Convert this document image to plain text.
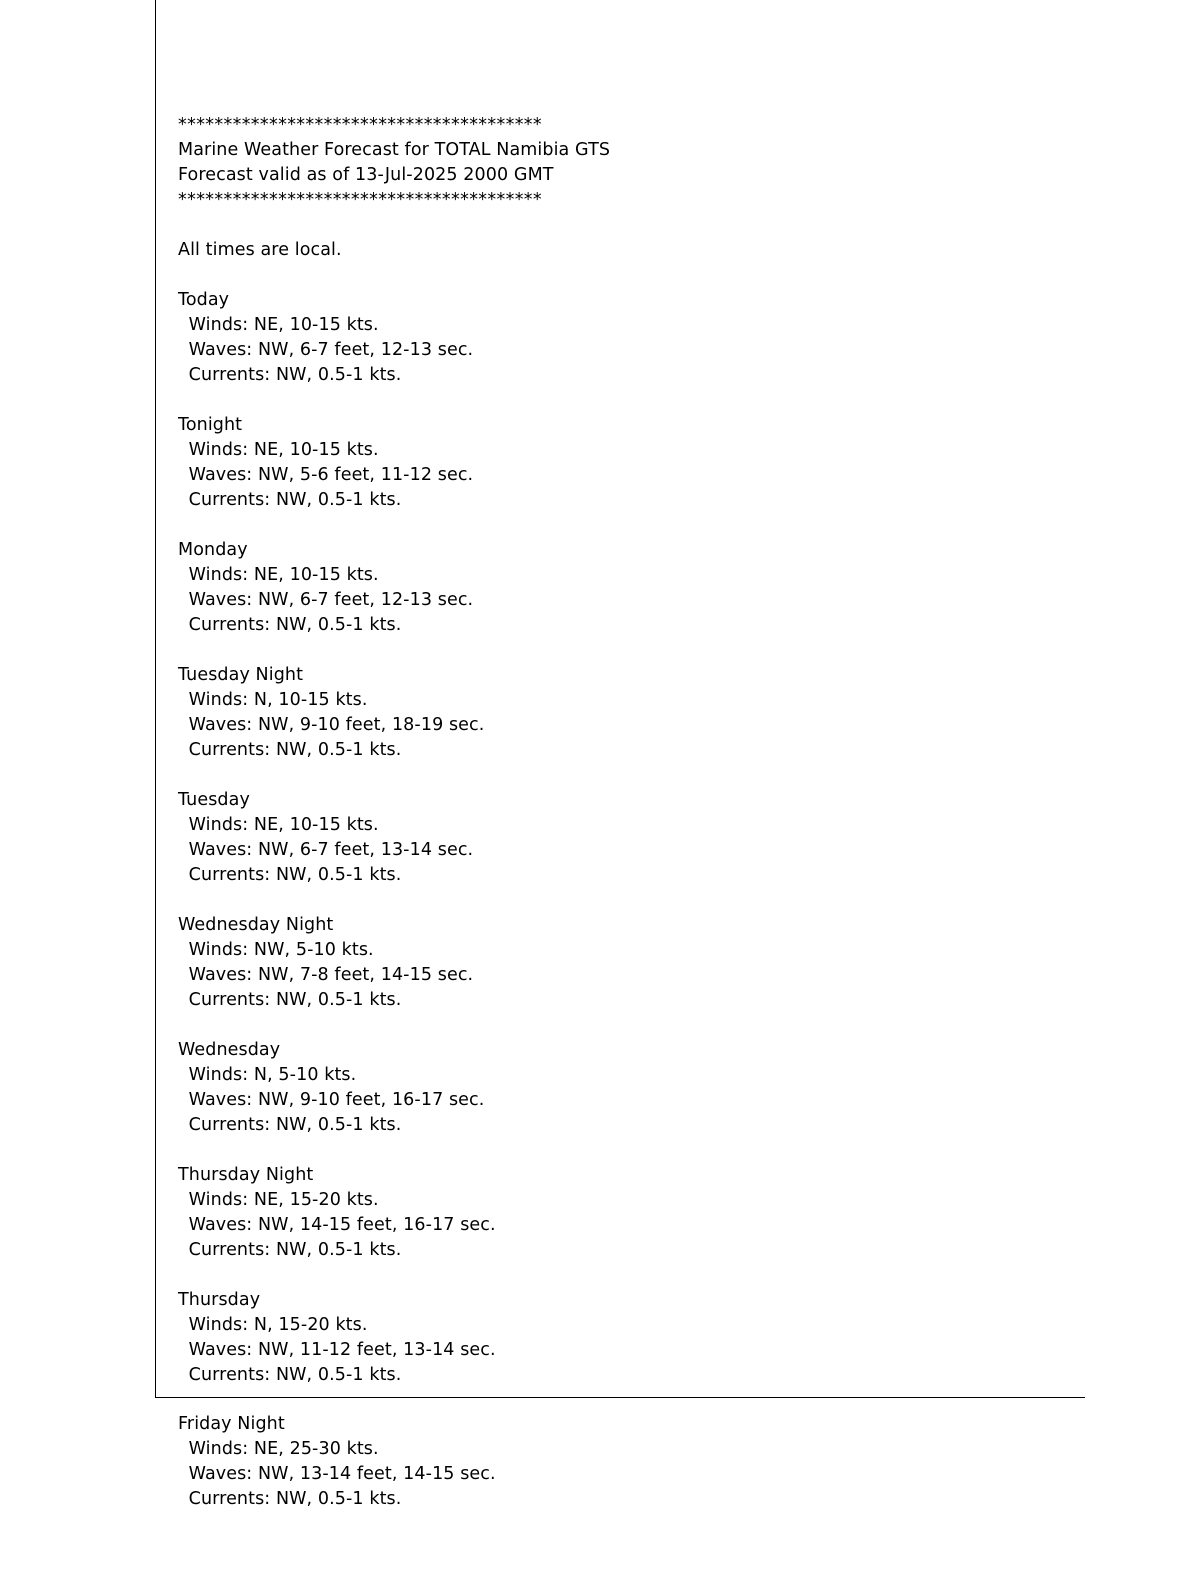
****************************************
Marine Weather Forecast for TOTAL Namibia GTS
Forecast valid as of 13-Jul-2025 2000 GMT
****************************************

All times are local.

Today
Winds: NE, 10-15 kts.
Waves: NW, 6-7 feet, 12-13 sec.
Currents: NW, 0.5-1 kts.

Tonight
Winds: NE, 10-15 kts.
Waves: NW, 5-6 feet, 11-12 sec.
Currents: NW, 0.5-1 kts.

Monday
Winds: NE, 10-15 kts.
Waves: NW, 6-7 feet, 12-13 sec.
Currents: NW, 0.5-1 kts.

Tuesday Night
Winds: N, 10-15 kts.
Waves: NW, 9-10 feet, 18-19 sec.
Currents: NW, 0.5-1 kts.

Tuesday
Winds: NE, 10-15 kts.
Waves: NW, 6-7 feet, 13-14 sec.
Currents: NW, 0.5-1 kts.

Wednesday Night
Winds: NW, 5-10 kts.
Waves: NW, 7-8 feet, 14-15 sec.
Currents: NW, 0.5-1 kts.

Wednesday
Winds: N, 5-10 kts.
Waves: NW, 9-10 feet, 16-17 sec.
Currents: NW, 0.5-1 kts.

Thursday Night
Winds: NE, 15-20 kts.
Waves: NW, 14-15 feet, 16-17 sec.
Currents: NW, 0.5-1 kts.

Thursday
Winds: N, 15-20 kts.
Waves: NW, 11-12 feet, 13-14 sec.
Currents: NW, 0.5-1 kts.
Friday Night
Winds: NE, 25-30 kts.
Waves: NW, 13-14 feet, 14-15 sec.
Currents: NW, 0.5-1 kts.
